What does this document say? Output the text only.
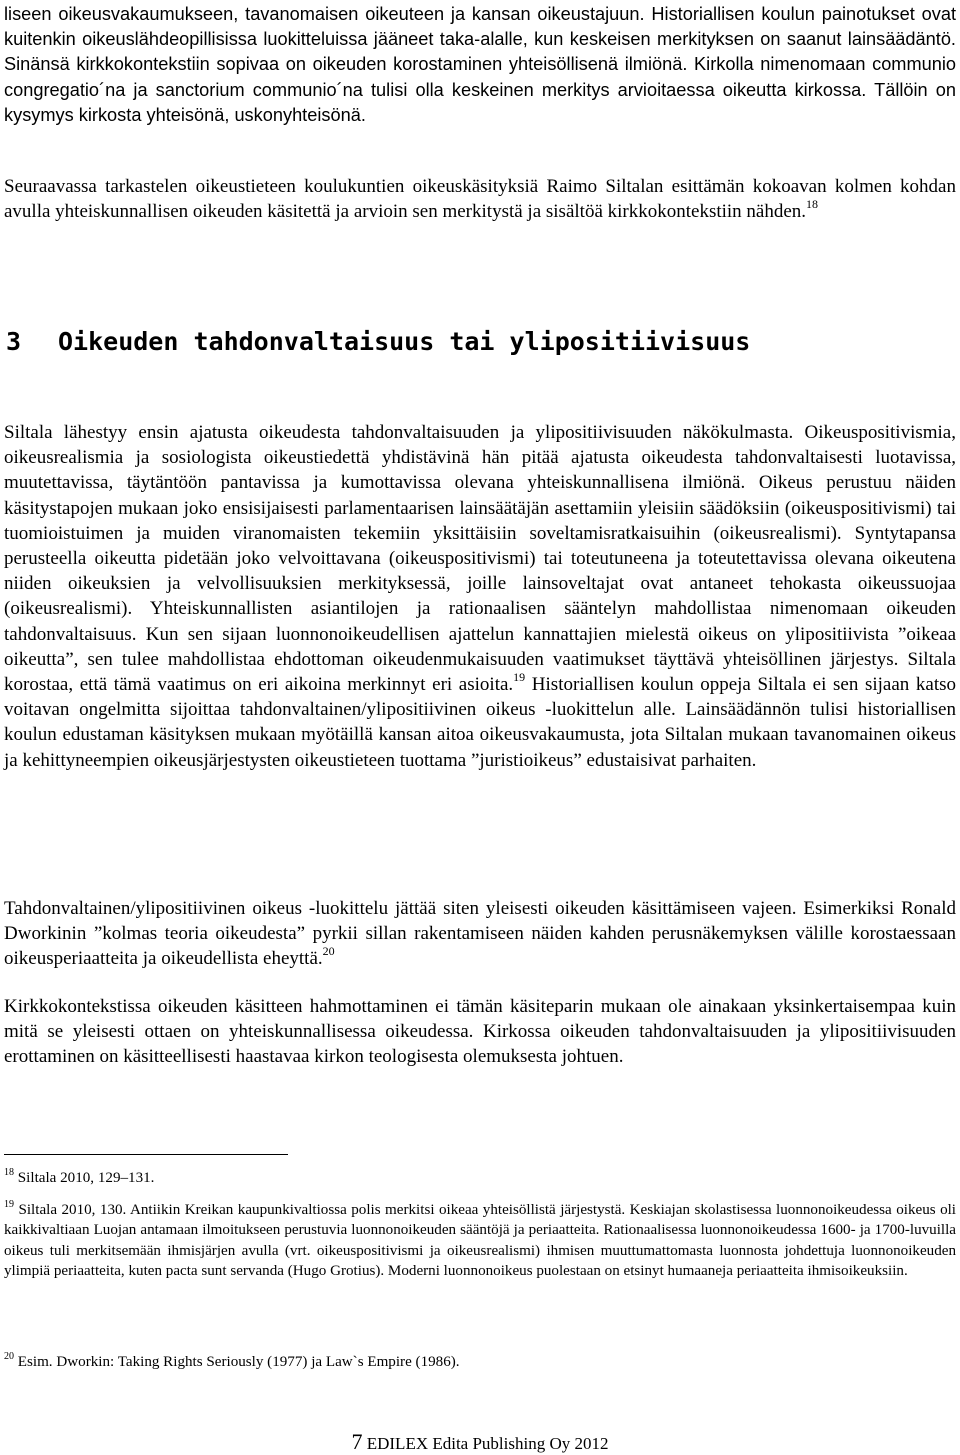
liseen oikeusvakaumukseen, tavanomaisen oikeuteen ja kansan oikeustajuun. Historiallisen koulun painotukset ovat kuitenkin oikeuslähdeopillisissa luokitteluissa jääneet taka-alalle, kun keskeisen merkityksen on saanut lainsäädäntö. Sinänsä kirkkokontekstiin sopivaa on oikeuden korostaminen yhteisöllisenä ilmiönä. Kirkolla nimenomaan communio congregatio´na ja sanctorium communio´na tulisi olla keskeinen merkitys arvioitaessa oikeutta kirkossa. Tällöin on kysymys kirkosta yhteisönä, uskonyhteisönä.

Seuraavassa tarkastelen oikeustieteen koulukuntien oikeuskäsityksiä Raimo Siltalan esittämän kokoavan kolmen kohdan avulla yhteiskunnallisen oikeuden käsitettä ja arvioin sen merkitystä ja sisältöä kirkkokontekstiin nähden.$^{18}$

3 Oikeuden tahdonvaltaisuus tai ylipositiivisuus

Siltala lähestyy ensin ajatusta oikeudesta tahdonvaltaisuuden ja ylipositiivisuuden näkökulmasta. Oikeuspositivismia, oikeusrealismia ja sosiologista oikeustiedettä yhdistävinä hän pitää ajatusta oikeudesta tahdonvaltaisesti luotavissa, muutettavissa, täytäntöön pantavissa ja kumottavissa olevana yhteiskunnallisena ilmiönä. Oikeus perustuu näiden käsitystapojen mukaan joko ensisijaisesti parlamentaarisen lainsäätäjän asettamiin yleisiin säädöksiin (oikeuspositivismi) tai tuomioistuimen ja muiden viranomaisten tekemiin yksittäisiin soveltamisratkaisuihin (oikeusrealismi). Syntytapansa perusteella oikeutta pidetään joko velvoittavana (oikeuspositivismi) tai toteutuneena ja toteutettavissa olevana oikeutena niiden oikeuksien ja velvollisuuksien merkityksessä, joille lainsoveltajat ovat antaneet tehokasta oikeussuojaa (oikeusrealismi). Yhteiskunnallisten asiantilojen ja rationaalisen sääntelyn mahdollistaa nimenomaan oikeuden tahdonvaltaisuus. Kun sen sijaan luonnonoikeudellisen ajattelun kannattajien mielestä oikeus on ylipositiivista ”oikeaa oikeutta”, sen tulee mahdollistaa ehdottoman oikeudenmukaisuuden vaatimukset täyttävä yhteisöllinen järjestys. Siltala korostaa, että tämä vaatimus on eri aikoina merkinnyt eri asioita.$^{19}$ Historiallisen koulun oppeja Siltala ei sen sijaan katso voitavan ongelmitta sijoittaa tahdonvaltainen/ylipositiivinen oikeus -luokittelun alle. Lainsäädännön tulisi historiallisen koulun edustaman käsityksen mukaan myötäillä kansan aitoa oikeusvakaumusta, jota Siltalan mukaan tavanomainen oikeus ja kehittyneempien oikeusjärjestysten oikeustieteen tuottama ”juristioikeus” edustaisivat parhaiten.

Tahdonvaltainen/ylipositiivinen oikeus -luokittelu jättää siten yleisesti oikeuden käsittämiseen vajeen. Esimerkiksi Ronald Dworkinin ”kolmas teoria oikeudesta” pyrkii sillan rakentamiseen näiden kahden perusnäkemyksen välille korostaessaan oikeusperiaatteita ja oikeudellista eheyttä.$^{20}$

Kirkkokontekstissa oikeuden käsitteen hahmottaminen ei tämän käsiteparin mukaan ole ainakaan yksinkertaisempaa kuin mitä se yleisesti ottaen on yhteiskunnallisessa oikeudessa. Kirkossa oikeuden tahdonvaltaisuuden ja ylipositiivisuuden erottaminen on käsitteellisesti haastavaa kirkon teologisesta olemuksesta johtuen.

$^{18}$ Siltala 2010, 129‒131.

$^{19}$ Siltala 2010, 130. Antiikin Kreikan kaupunkivaltiossa polis merkitsi oikeaa yhteisöllistä järjestystä. Keskiajan skolastisessa luonnonoikeudessa oikeus oli kaikkivaltiaan Luojan antamaan ilmoitukseen perustuvia luonnonoikeuden sääntöjä ja periaatteita. Rationaalisessa luonnonoikeudessa 1600- ja 1700-luvuilla oikeus tuli merkitsemään ihmisjärjen avulla (vrt. oikeuspositivismi ja oikeusrealismi) ihmisen muuttumattomasta luonnosta johdettuja luonnonoikeuden ylimpiä periaatteita, kuten pacta sunt servanda (Hugo Grotius). Moderni luonnonoikeus puolestaan on etsinyt humaaneja periaatteita ihmisoikeuksiin.

$^{20}$ Esim. Dworkin: Taking Rights Seriously (1977) ja Law`s Empire (1986).

7 EDILEX Edita Publishing Oy 2012
